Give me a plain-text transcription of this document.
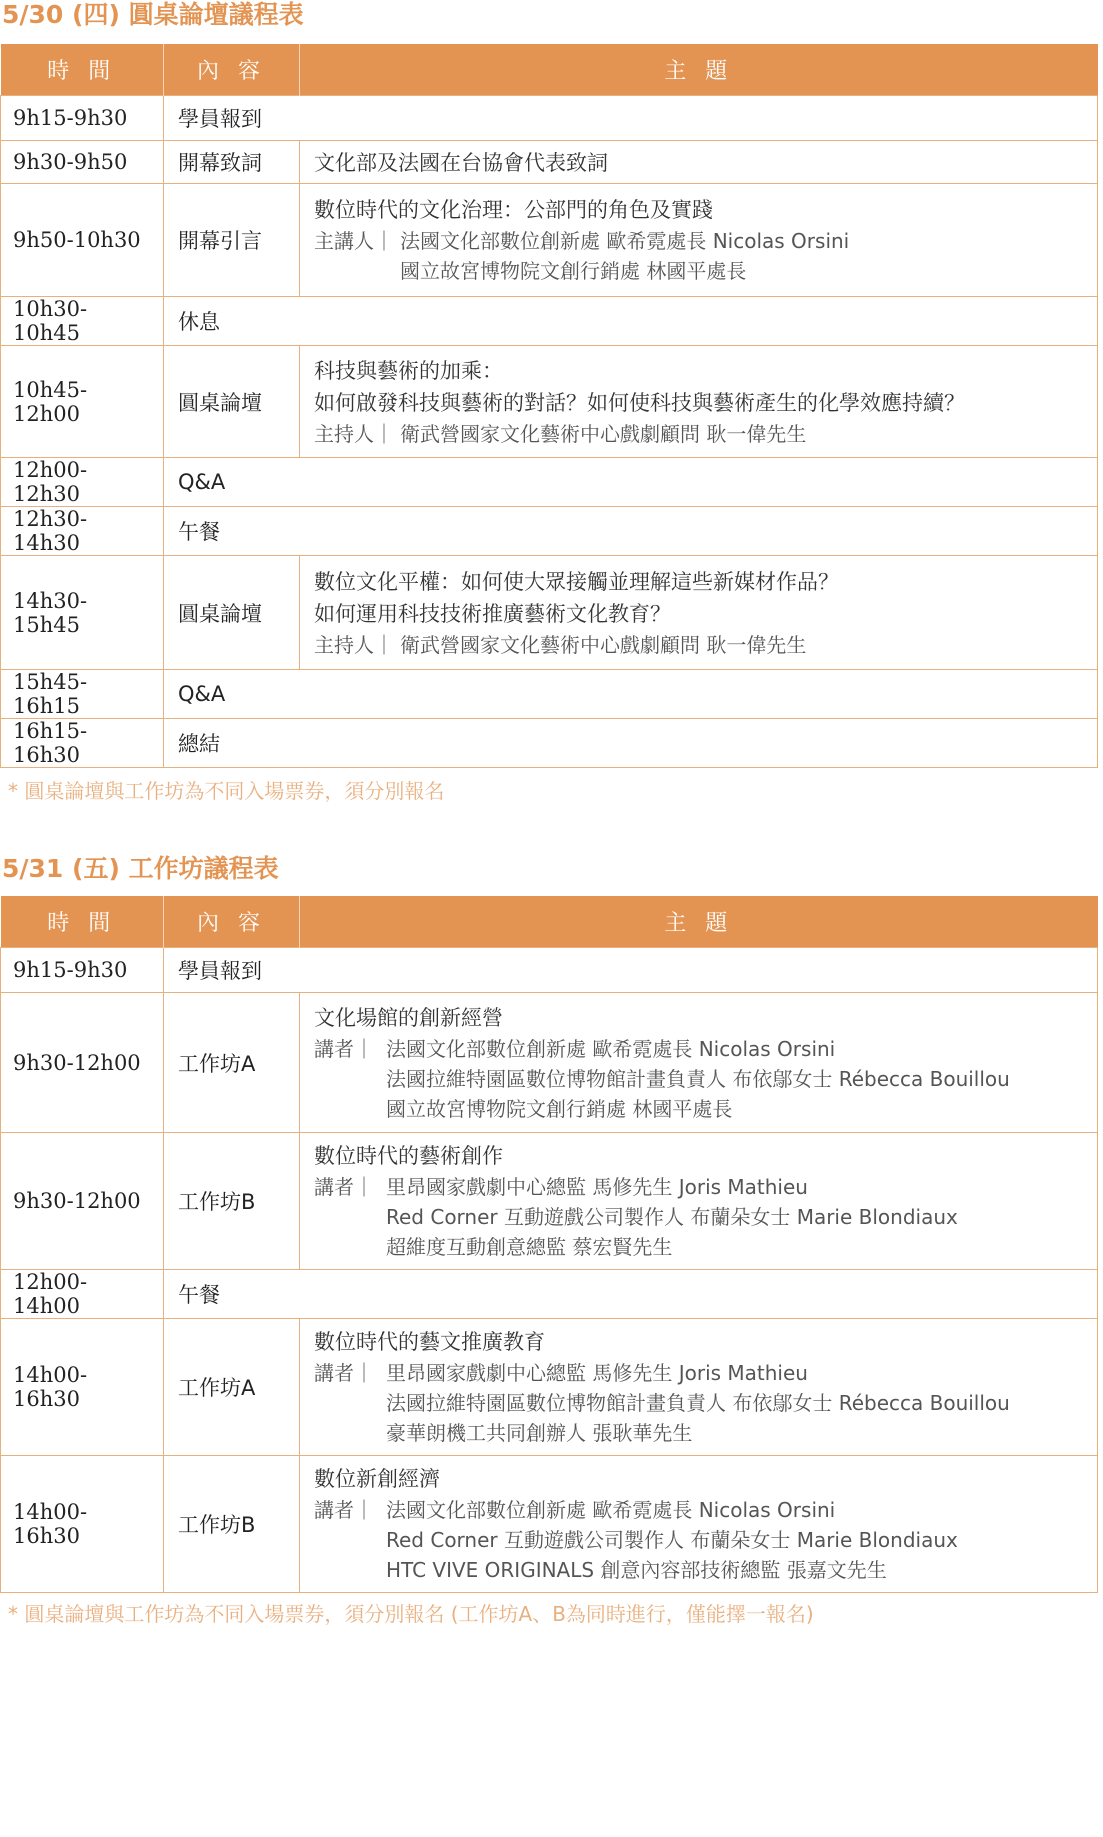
5/30 (四) 圓桌論壇議程表
時 間	內 容	主 題
9h15-9h30	學員報到	
9h30-9h50	開幕致詞	文化部及法國在台協會代表致詞
9h50-10h30	開幕引言	數位時代的文化治理：公部門的角色及實踐
主講人｜ 法國文化部數位創新處 歐希霓處長 Nicolas Orsini
國立故宮博物院文創行銷處 林國平處長

10h30-10h45	休息	
10h45-12h00	圓桌論壇	科技與藝術的加乘：
如何啟發科技與藝術的對話？如何使科技與藝術產生的化學效應持續？
主持人｜ 衛武營國家文化藝術中心戲劇顧問 耿一偉先生

12h00-12h30	Q&A	
12h30-14h30	午餐	
14h30-15h45	圓桌論壇	數位文化平權：如何使大眾接觸並理解這些新媒材作品？
如何運用科技技術推廣藝術文化教育？
主持人｜ 衛武營國家文化藝術中心戲劇顧問 耿一偉先生

15h45-16h15	Q&A	
16h15-16h30	總結	
* 圓桌論壇與工作坊為不同入場票券，須分別報名
5/31 (五) 工作坊議程表
時 間	內 容	主 題
9h15-9h30	學員報到	
9h30-12h00	工作坊A	文化場館的創新經營
講者｜ 法國文化部數位創新處 歐希霓處長 Nicolas Orsini
法國拉維特園區數位博物館計畫負責人 布依鄔女士 Rébecca Bouillou
國立故宮博物院文創行銷處 林國平處長

9h30-12h00	工作坊B	數位時代的藝術創作
講者｜ 里昂國家戲劇中心總監 馬修先生 Joris Mathieu
Red Corner 互動遊戲公司製作人 布蘭朵女士 Marie Blondiaux
超維度互動創意總監 蔡宏賢先生

12h00-14h00	午餐	
14h00-16h30	工作坊A	數位時代的藝文推廣教育
講者｜ 里昂國家戲劇中心總監 馬修先生 Joris Mathieu
法國拉維特園區數位博物館計畫負責人 布依鄔女士 Rébecca Bouillou
豪華朗機工共同創辦人 張耿華先生

14h00-16h30	工作坊B	數位新創經濟
講者｜ 法國文化部數位創新處 歐希霓處長 Nicolas Orsini
Red Corner 互動遊戲公司製作人 布蘭朵女士 Marie Blondiaux
HTC VIVE ORIGINALS 創意內容部技術總監 張嘉文先生
* 圓桌論壇與工作坊為不同入場票券，須分別報名 (工作坊A、B為同時進行，僅能擇一報名)
